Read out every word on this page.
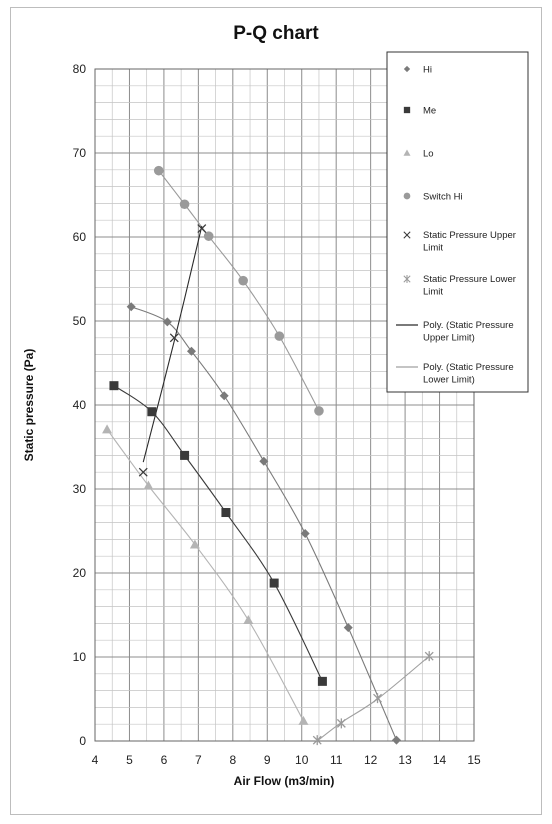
4 5 6 7 8 9 10 11 12 13 14 15
0
10
20
30
40
50
60
70
80
P-Q chart
Air Flow (m3/min)
Static pressure (Pa)
Hi
Me
Lo
Switch Hi
Static Pressure Upper
Limit
Static Pressure Lower
Limit
Poly. (Static Pressure
Upper Limit)
Poly. (Static Pressure
Lower Limit)
